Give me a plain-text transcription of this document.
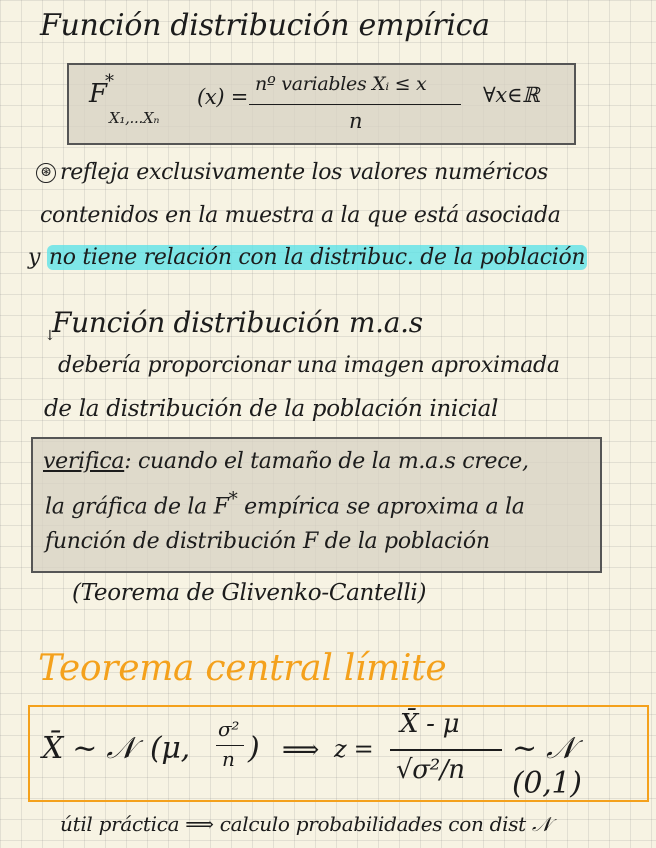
Función distribución empírica
F
*
X₁,...Xₙ
(x) =
nº variables Xᵢ ≤ x
n
∀x∈ℝ
⊛ refleja exclusivamente los valores numéricos
contenidos en la muestra a la que está asociada
y no tiene relación con la distribuc. de la población
↓
Función distribución m.a.s
debería proporcionar una imagen aproximada
de la distribución de la población inicial
verifica: cuando el tamaño de la m.a.s crece,
la gráfica de la F* empírica se aproxima a la
función de distribución F de la población
(Teorema de Glivenko-Cantelli)
Teorema central límite
X̄ ~ 𝒩 (μ,
σ²
n ) ⟹ z =
X̄ - μ
√σ²/n
~ 𝒩 (0,1)
útil práctica ⟹ calculo probabilidades con dist 𝒩
